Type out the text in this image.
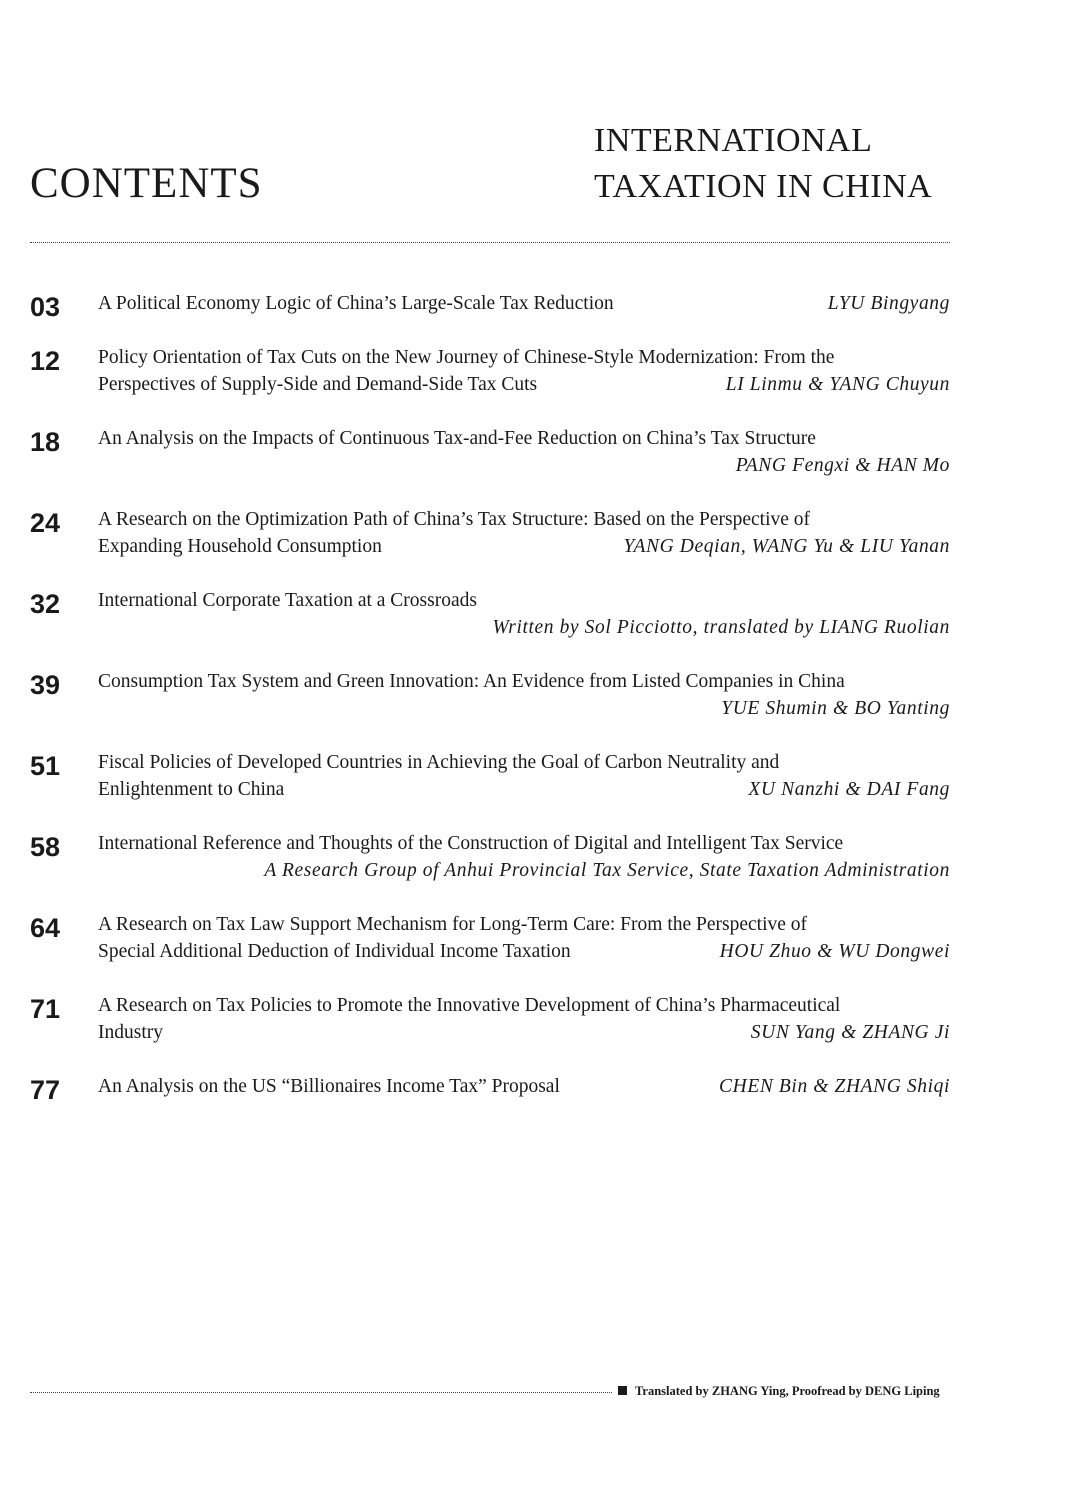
CONTENTS
INTERNATIONAL
TAXATION IN CHINA
03 A Political Economy Logic of China’s Large-Scale Tax Reduction	LYU Bingyang
12 Policy Orientation of Tax Cuts on the New Journey of Chinese-Style Modernization: From the
Perspectives of Supply-Side and Demand-Side Tax Cuts	LI Linmu & YANG Chuyun
18 An Analysis on the Impacts of Continuous Tax-and-Fee Reduction on China’s Tax Structure
PANG Fengxi & HAN Mo
24 A Research on the Optimization Path of China’s Tax Structure: Based on the Perspective of
Expanding Household Consumption	YANG Deqian, WANG Yu & LIU Yanan
32 International Corporate Taxation at a Crossroads
Written by Sol Picciotto, translated by LIANG Ruolian
39 Consumption Tax System and Green Innovation: An Evidence from Listed Companies in China
YUE Shumin & BO Yanting
51 Fiscal Policies of Developed Countries in Achieving the Goal of Carbon Neutrality and
Enlightenment to China	XU Nanzhi & DAI Fang
58 International Reference and Thoughts of the Construction of Digital and Intelligent Tax Service
A Research Group of Anhui Provincial Tax Service, State Taxation Administration
64 A Research on Tax Law Support Mechanism for Long-Term Care: From the Perspective of
Special Additional Deduction of Individual Income Taxation	HOU Zhuo & WU Dongwei
71 A Research on Tax Policies to Promote the Innovative Development of China’s Pharmaceutical
Industry	SUN Yang & ZHANG Ji
77 An Analysis on the US “Billionaires Income Tax” Proposal	CHEN Bin & ZHANG Shiqi
Translated by ZHANG Ying, Proofread by DENG Liping
